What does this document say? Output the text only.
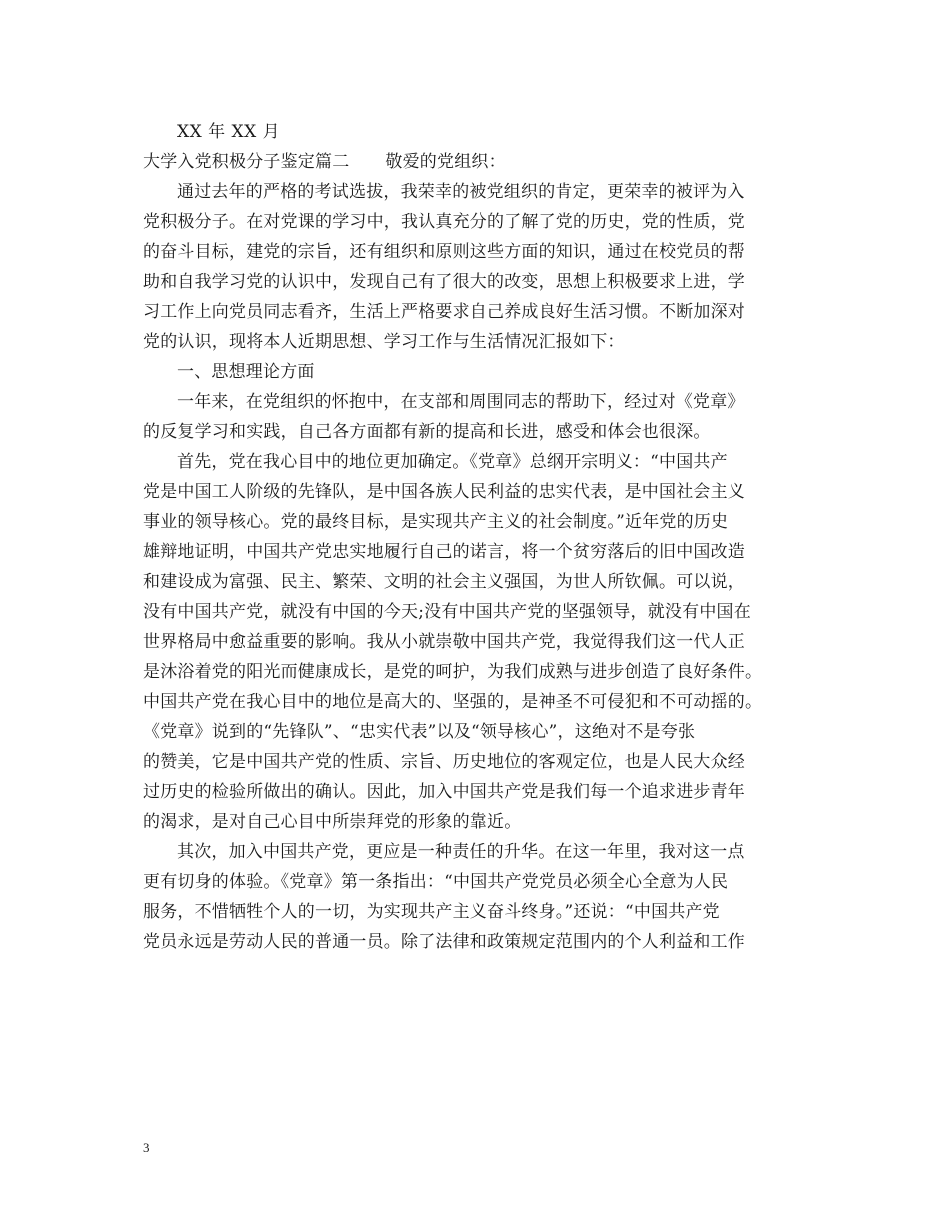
XX 年 XX 月
大学入党积极分子鉴定篇二 敬爱的党组织：
通过去年的严格的考试选拔，我荣幸的被党组织的肯定，更荣幸的被评为入
党积极分子。在对党课的学习中，我认真充分的了解了党的历史，党的性质，党
的奋斗目标，建党的宗旨，还有组织和原则这些方面的知识，通过在校党员的帮
助和自我学习党的认识中，发现自己有了很大的改变，思想上积极要求上进，学
习工作上向党员同志看齐，生活上严格要求自己养成良好生活习惯。不断加深对
党的认识，现将本人近期思想、学习工作与生活情况汇报如下：
一、思想理论方面
一年来，在党组织的怀抱中，在支部和周围同志的帮助下，经过对《党章》
的反复学习和实践，自己各方面都有新的提高和长进，感受和体会也很深。
首先，党在我心目中的地位更加确定。《党章》总纲开宗明义：“中国共产
党是中国工人阶级的先锋队，是中国各族人民利益的忠实代表，是中国社会主义
事业的领导核心。党的最终目标，是实现共产主义的社会制度。”近年党的历史
雄辩地证明，中国共产党忠实地履行自己的诺言，将一个贫穷落后的旧中国改造
和建设成为富强、民主、繁荣、文明的社会主义强国，为世人所钦佩。可以说，
没有中国共产党，就没有中国的今天;没有中国共产党的坚强领导，就没有中国在
世界格局中愈益重要的影响。我从小就崇敬中国共产党，我觉得我们这一代人正
是沐浴着党的阳光而健康成长，是党的呵护，为我们成熟与进步创造了良好条件。
中国共产党在我心目中的地位是高大的、坚强的，是神圣不可侵犯和不可动摇的。
《党章》说到的“先锋队”、“忠实代表”以及“领导核心”，这绝对不是夸张
的赞美，它是中国共产党的性质、宗旨、历史地位的客观定位，也是人民大众经
过历史的检验所做出的确认。因此，加入中国共产党是我们每一个追求进步青年
的渴求，是对自己心目中所崇拜党的形象的靠近。
其次，加入中国共产党，更应是一种责任的升华。在这一年里，我对这一点
更有切身的体验。《党章》第一条指出：“中国共产党党员必须全心全意为人民
服务，不惜牺牲个人的一切，为实现共产主义奋斗终身。”还说：“中国共产党
党员永远是劳动人民的普通一员。除了法律和政策规定范围内的个人利益和工作
3
